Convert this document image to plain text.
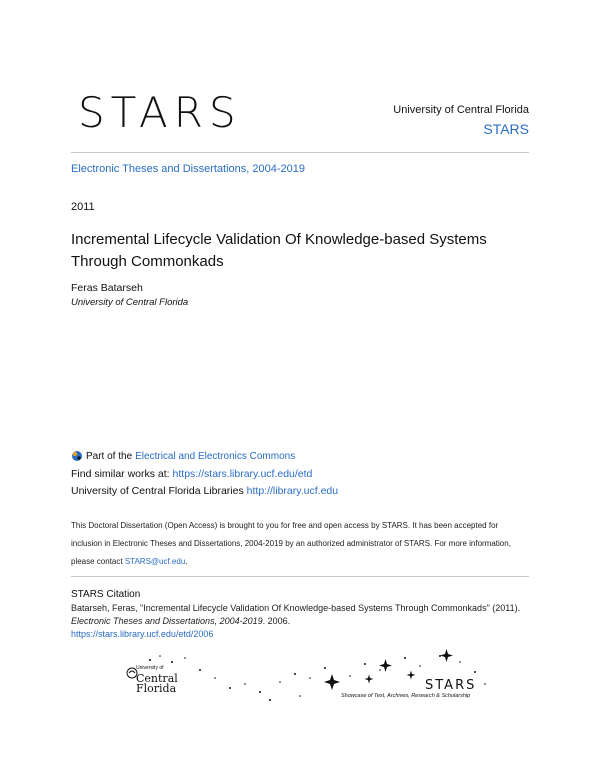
STARS	University of Central Florida
STARS
Electronic Theses and Dissertations, 2004-2019
2011
Incremental Lifecycle Validation Of Knowledge-based Systems Through Commonkads
Feras Batarseh
University of Central Florida
Part of the Electrical and Electronics Commons
Find similar works at: https://stars.library.ucf.edu/etd
University of Central Florida Libraries http://library.ucf.edu
This Doctoral Dissertation (Open Access) is brought to you for free and open access by STARS. It has been accepted for inclusion in Electronic Theses and Dissertations, 2004-2019 by an authorized administrator of STARS. For more information, please contact STARS@ucf.edu.
STARS Citation
Batarseh, Feras, "Incremental Lifecycle Validation Of Knowledge-based Systems Through Commonkads" (2011). Electronic Theses and Dissertations, 2004-2019. 2006.
https://stars.library.ucf.edu/etd/2006
University of
Central
Florida	STARS
Showcase of Text, Archives, Research & Scholarship
